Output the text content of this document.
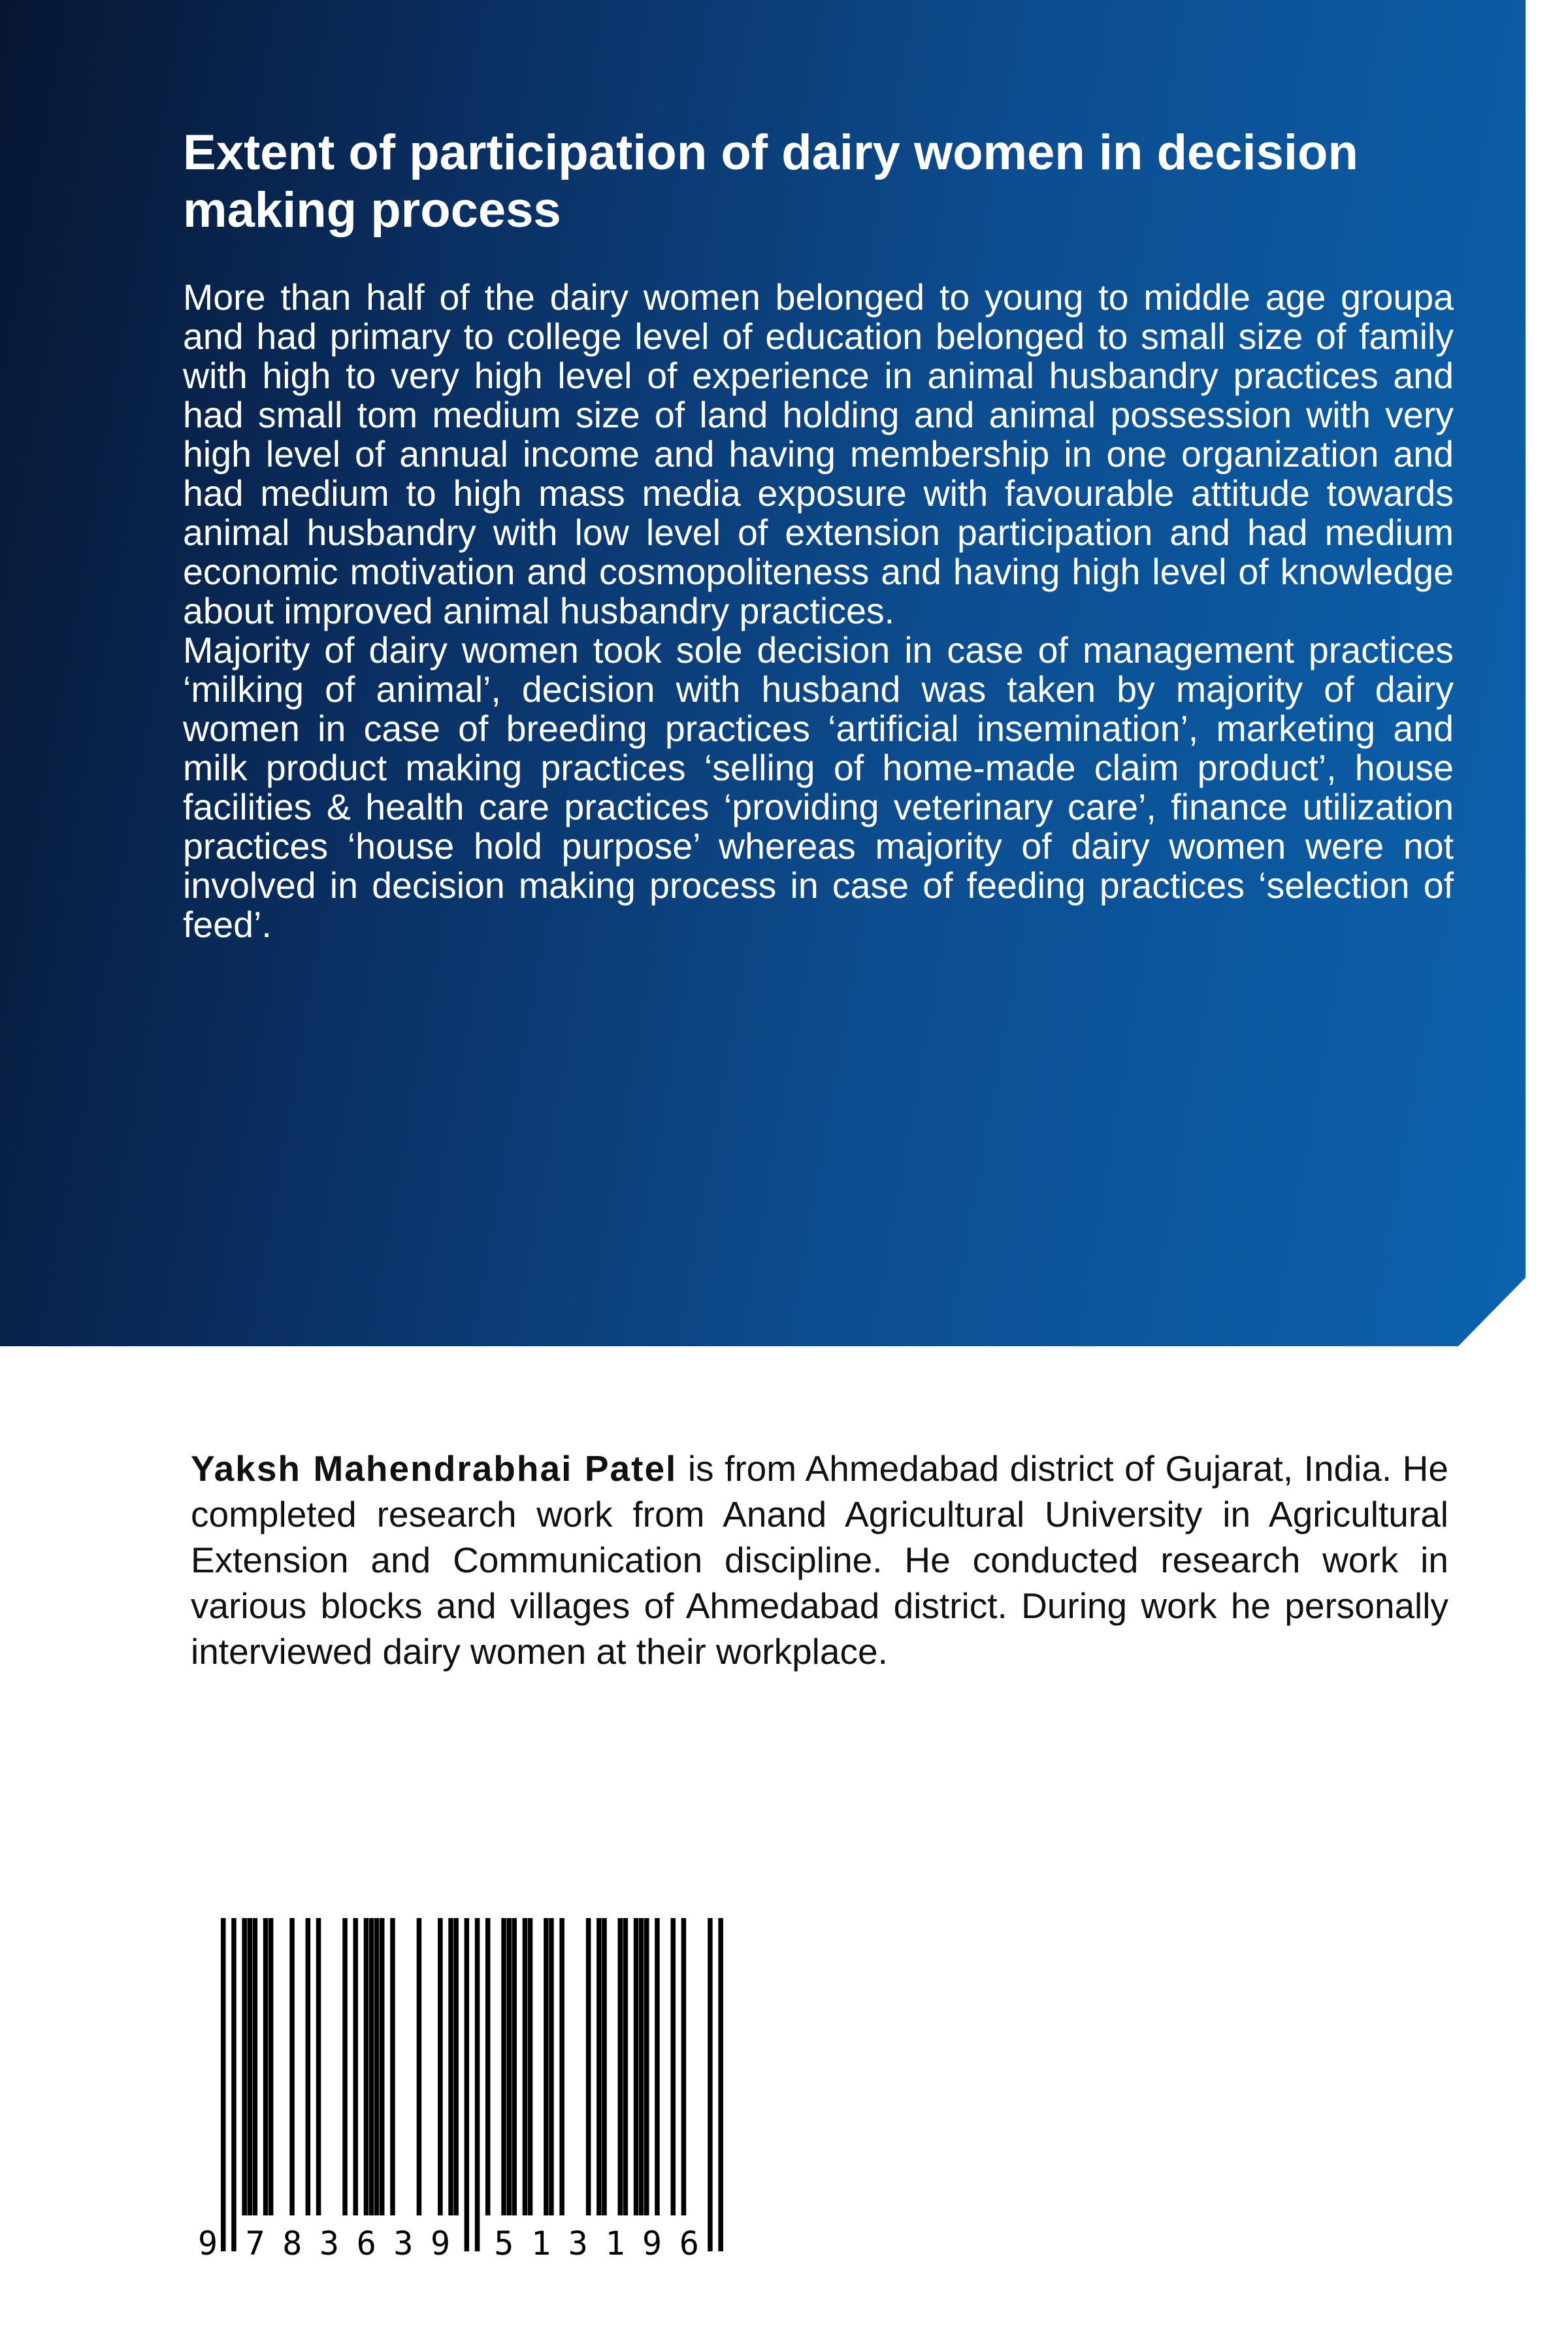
Extent of participation of dairy women in decision making process

More than half of the dairy women belonged to young to middle age groupa and had primary to college level of education belonged to small size of family with high to very high level of experience in animal husbandry practices and had small tom medium size of land holding and animal possession with very high level of annual income and having membership in one organization and had medium to high mass media exposure with favourable attitude towards animal husbandry with low level of extension participation and had medium economic motivation and cosmopoliteness and having high level of knowledge about improved animal husbandry practices.

Majority of dairy women took sole decision in case of management practices ‘milking of animal’, decision with husband was taken by majority of dairy women in case of breeding practices ‘artificial insemination’, marketing and milk product making practices ‘selling of home-made claim product’, house facilities & health care practices ‘providing veterinary care’, finance utilization practices ‘house hold purpose’ whereas majority of dairy women were not involved in decision making process in case of feeding practices ‘selection of feed’.

Yaksh Mahendrabhai Patel is from Ahmedabad district of Gujarat, India. He completed research work from Anand Agricultural University in Agricultural Extension and Communication discipline. He conducted research work in various blocks and villages of Ahmedabad district. During work he personally interviewed dairy women at their workplace.
9 7 8 3 6 3 9 5 1 3 1 9 6
